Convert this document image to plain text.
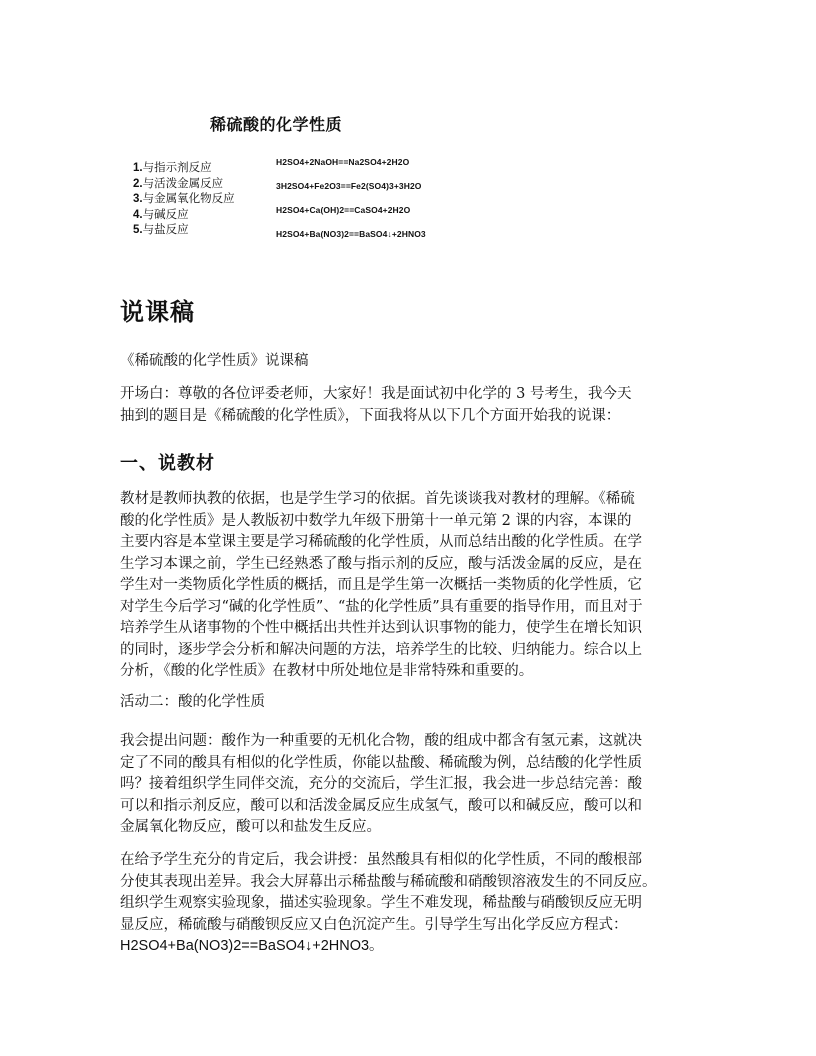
稀硫酸的化学性质
1.与指示剂反应
2.与活泼金属反应
3.与金属氧化物反应
4.与碱反应
5.与盐反应

H2SO4+2NaOH==Na2SO4+2H2O

3H2SO4+Fe2O3==Fe2(SO4)3+3H2O

H2SO4+Ca(OH)2==CaSO4+2H2O

H2SO4+Ba(NO3)2==BaSO4↓+2HNO3

说课稿

《稀硫酸的化学性质》说课稿

开场白：尊敬的各位评委老师，大家好！我是面试初中化学的 3 号考生，我今天
抽到的题目是《稀硫酸的化学性质》，下面我将从以下几个方面开始我的说课：

一、说教材

教材是教师执教的依据，也是学生学习的依据。首先谈谈我对教材的理解。《稀硫
酸的化学性质》是人教版初中数学九年级下册第十一单元第 2 课的内容，本课的
主要内容是本堂课主要是学习稀硫酸的化学性质，从而总结出酸的化学性质。在学
生学习本课之前，学生已经熟悉了酸与指示剂的反应，酸与活泼金属的反应，是在
学生对一类物质化学性质的概括，而且是学生第一次概括一类物质的化学性质，它
对学生今后学习“碱的化学性质”、“盐的化学性质”具有重要的指导作用，而且对于
培养学生从诸事物的个性中概括出共性并达到认识事物的能力，使学生在增长知识
的同时，逐步学会分析和解决问题的方法，培养学生的比较、归纳能力。综合以上
分析，《酸的化学性质》在教材中所处地位是非常特殊和重要的。

活动二：酸的化学性质

我会提出问题：酸作为一种重要的无机化合物，酸的组成中都含有氢元素，这就决
定了不同的酸具有相似的化学性质，你能以盐酸、稀硫酸为例，总结酸的化学性质
吗？接着组织学生同伴交流，充分的交流后，学生汇报，我会进一步总结完善：酸
可以和指示剂反应，酸可以和活泼金属反应生成氢气，酸可以和碱反应，酸可以和
金属氧化物反应，酸可以和盐发生反应。

在给予学生充分的肯定后，我会讲授：虽然酸具有相似的化学性质，不同的酸根部
分使其表现出差异。我会大屏幕出示稀盐酸与稀硫酸和硝酸钡溶液发生的不同反应。
组织学生观察实验现象，描述实验现象。学生不难发现，稀盐酸与硝酸钡反应无明
显反应，稀硫酸与硝酸钡反应又白色沉淀产生。引导学生写出化学反应方程式：
H2SO4+Ba(NO3)2==BaSO4↓+2HNO3。
